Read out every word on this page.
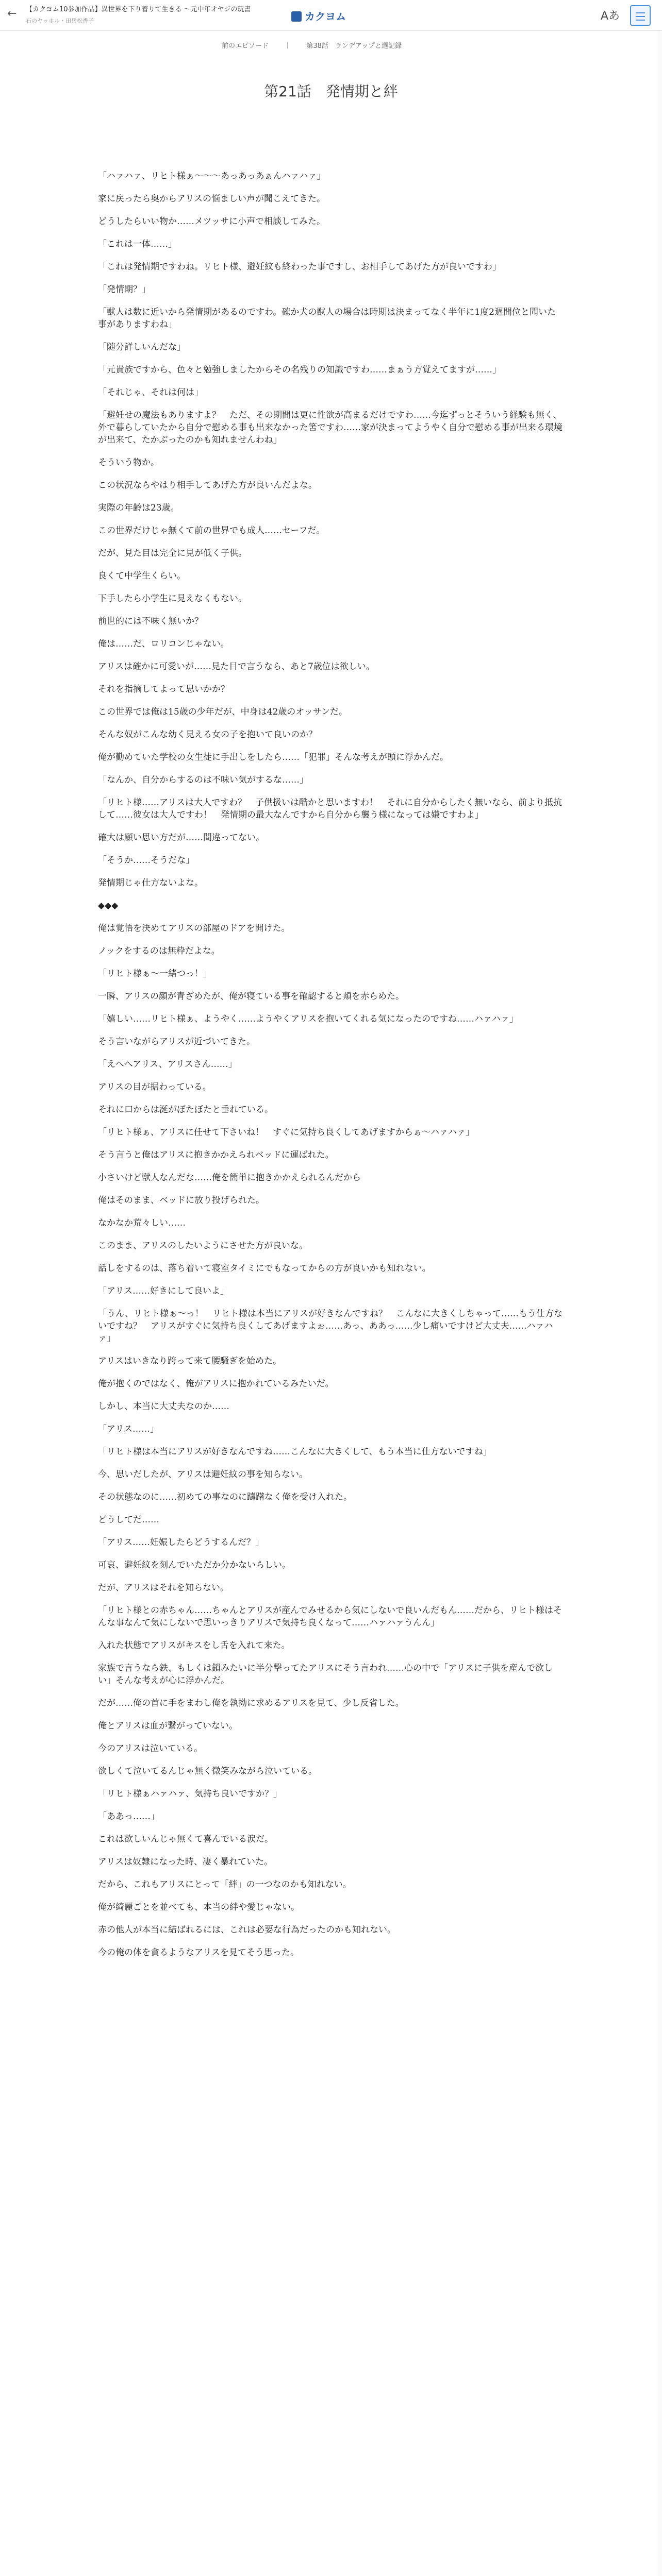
← 【カクヨム10参加作品】異世界を下り着りて生きる ～元中年オヤジの玩書
石のヤッホル・田岳松香子	カクヨム	Aあ
前のエピソード ｜ 第38話　ランデアップと週記録
第21話　発情期と絆

「ハァハァ、リヒト様ぁ〜〜〜あっあっあぁんハァハァ」

家に戻ったら奥からアリスの悩ましい声が聞こえてきた。

どうしたらいい物か……メツッサに小声で相談してみた。

「これは一体……」

「これは発情期ですわね。リヒト様、避妊紋も終わった事ですし、お相手してあげた方が良いですわ」

「発情期？」

「獣人は数に近いから発情期があるのですわ。確か犬の獣人の場合は時期は決まってなく半年に1度2週間位と聞いた事がありますわね」

「随分詳しいんだな」

「元貴族ですから、色々と勉強しましたからその名残りの知識ですわ……まぁう方覚えてますが……」

「それじゃ、それは何は」

「避妊せの魔法もありますよ？　ただ、その期間は更に性欲が高まるだけですわ……今迄ずっとそういう経験も無く、外で暮らしていたから自分で慰める事も出来なかった筈ですわ……家が決まってようやく自分で慰める事が出来る環境が出来て、たかぶったのかも知れませんわね」

そういう物か。

この状況ならやはり相手してあげた方が良いんだよな。

実際の年齢は23歳。

この世界だけじゃ無くて前の世界でも成人……セーフだ。

だが、見た目は完全に見が低く子供。

良くて中学生くらい。

下手したら小学生に見えなくもない。

前世的には不味く無いか？

俺は……だ、ロリコンじゃない。

アリスは確かに可愛いが……見た目で言うなら、あと7歳位は欲しい。

それを指摘してよって思いかか？

この世界では俺は15歳の少年だが、中身は42歳のオッサンだ。

そんな奴がこんな幼く見える女の子を抱いて良いのか？

俺が勤めていた学校の女生徒に手出しをしたら……「犯罪」そんな考えが頭に浮かんだ。

「なんか、自分からするのは不味い気がするな……」

「リヒト様……アリスは大人ですわ？　子供扱いは酷かと思いますわ！　それに自分からしたく無いなら、前より抵抗して……彼女は大人ですわ！　発情期の最大なんですから自分から襲う様になっては嫌ですわよ」

確大は願い思い方だが……間違ってない。

「そうか……そうだな」

発情期じゃ仕方ないよな。

◆◆◆

俺は覚悟を決めてアリスの部屋のドアを開けた。

ノックをするのは無粋だよな。

「リヒト様ぁ〜一緒つっ！」

一瞬、アリスの顔が青ざめたが、俺が寝ている事を確認すると頬を赤らめた。

「嬉しい……リヒト様ぁ、ようやく……ようやくアリスを抱いてくれる気になったのですね……ハァハァ」

そう言いながらアリスが近づいてきた。

「えへへアリス、アリスさん……」

アリスの目が据わっている。

それに口からは涎がぼたぼたと垂れている。

「リヒト様ぁ、アリスに任せて下さいね！　すぐに気持ち良くしてあげますからぁ〜ハァハァ」

そう言うと俺はアリスに抱きかかえられベッドに運ばれた。

小さいけど獣人なんだな……俺を簡単に抱きかかえられるんだから

俺はそのまま、ベッドに放り投げられた。

なかなか荒々しい……

このまま、アリスのしたいようにさせた方が良いな。

話しをするのは、落ち着いて寝室タイミにでもなってからの方が良いかも知れない。

「アリス……好きにして良いよ」

「うん、リヒト様ぁ〜っ！　リヒト様は本当にアリスが好きなんですね？　こんなに大きくしちゃって……もう仕方ないですね？　アリスがすぐに気持ち良くしてあげますよぉ……あっ、ああっ……少し痛いですけど大丈夫……ハァハァ」

アリスはいきなり跨って来て腰騒ぎを始めた。

俺が抱くのではなく、俺がアリスに抱かれているみたいだ。

しかし、本当に大丈夫なのか……

「アリス……」

「リヒト様は本当にアリスが好きなんですね……こんなに大きくして、もう本当に仕方ないですね」

今、思いだしたが、アリスは避妊紋の事を知らない。

その状態なのに……初めての事なのに躊躇なく俺を受け入れた。

どうしてだ……

「アリス……妊娠したらどうするんだ？」

可哀、避妊紋を刻んでいただか分かないらしい。

だが、アリスはそれを知らない。

「リヒト様との赤ちゃん……ちゃんとアリスが産んでみせるから気にしないで良いんだもん……だから、リヒト様はそんな事なんて気にしないで思いっきりアリスで気持ち良くなって……ハァハァうんん」

入れた状態でアリスがキスをし舌を入れて来た。

家族で言うなら鉄、もしくは鎖みたいに半分撃ってたアリスにそう言われ……心の中で「アリスに子供を産んで欲しい」そんな考えが心に浮かんだ。

だが……俺の首に手をまわし俺を執拗に求めるアリスを見て、少し反省した。

俺とアリスは血が繋がっていない。

今のアリスは泣いている。

欲しくて泣いてるんじゃ無く微笑みながら泣いている。

「リヒト様ぁハァハァ、気持ち良いですか？」

「ああっ……」

これは欲しいんじゃ無くて喜んでいる涙だ。

アリスは奴隷になった時、凄く暴れていた。

だから、これもアリスにとって「絆」の一つなのかも知れない。

俺が綺麗ごとを並べても、本当の絆や愛じゃない。

赤の他人が本当に結ばれるには、これは必要な行為だったのかも知れない。

今の俺の体を貪るようなアリスを見てそう思った。
